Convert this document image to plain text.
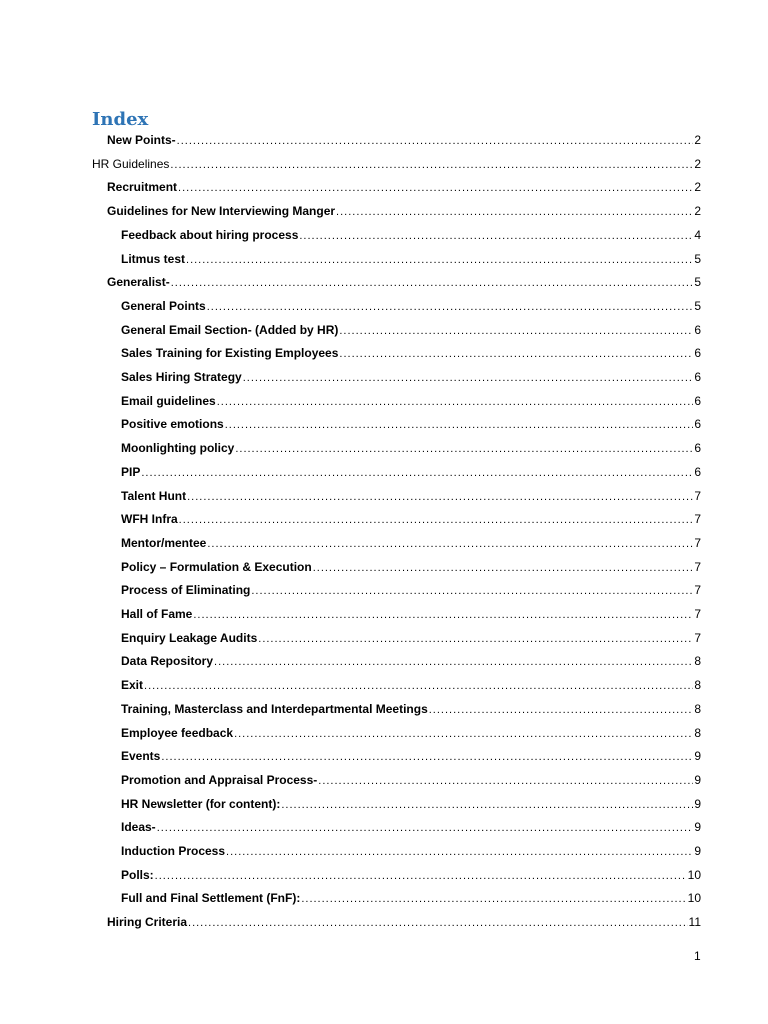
Index
New Points- .....	2
HR Guidelines .....	2
Recruitment .....	2
Guidelines for New Interviewing Manger .....	2
Feedback about hiring process .....	4
Litmus test .....	5
Generalist- .....	5
General Points .....	5
General Email Section- (Added by HR) .....	6
Sales Training for Existing Employees .....	6
Sales Hiring Strategy .....	6
Email guidelines .....	6
Positive emotions .....	6
Moonlighting policy .....	6
PIP .....	6
Talent Hunt .....	7
WFH Infra .....	7
Mentor/mentee .....	7
Policy – Formulation & Execution .....	7
Process of Eliminating .....	7
Hall of Fame .....	7
Enquiry Leakage Audits .....	7
Data Repository .....	8
Exit .....	8
Training, Masterclass and Interdepartmental Meetings .....	8
Employee feedback .....	8
Events .....	9
Promotion and Appraisal Process- .....	9
HR Newsletter (for content): .....	9
Ideas- .....	9
Induction Process .....	9
Polls: .....	10
Full and Final Settlement (FnF): .....	10
Hiring Criteria .....	11
1
